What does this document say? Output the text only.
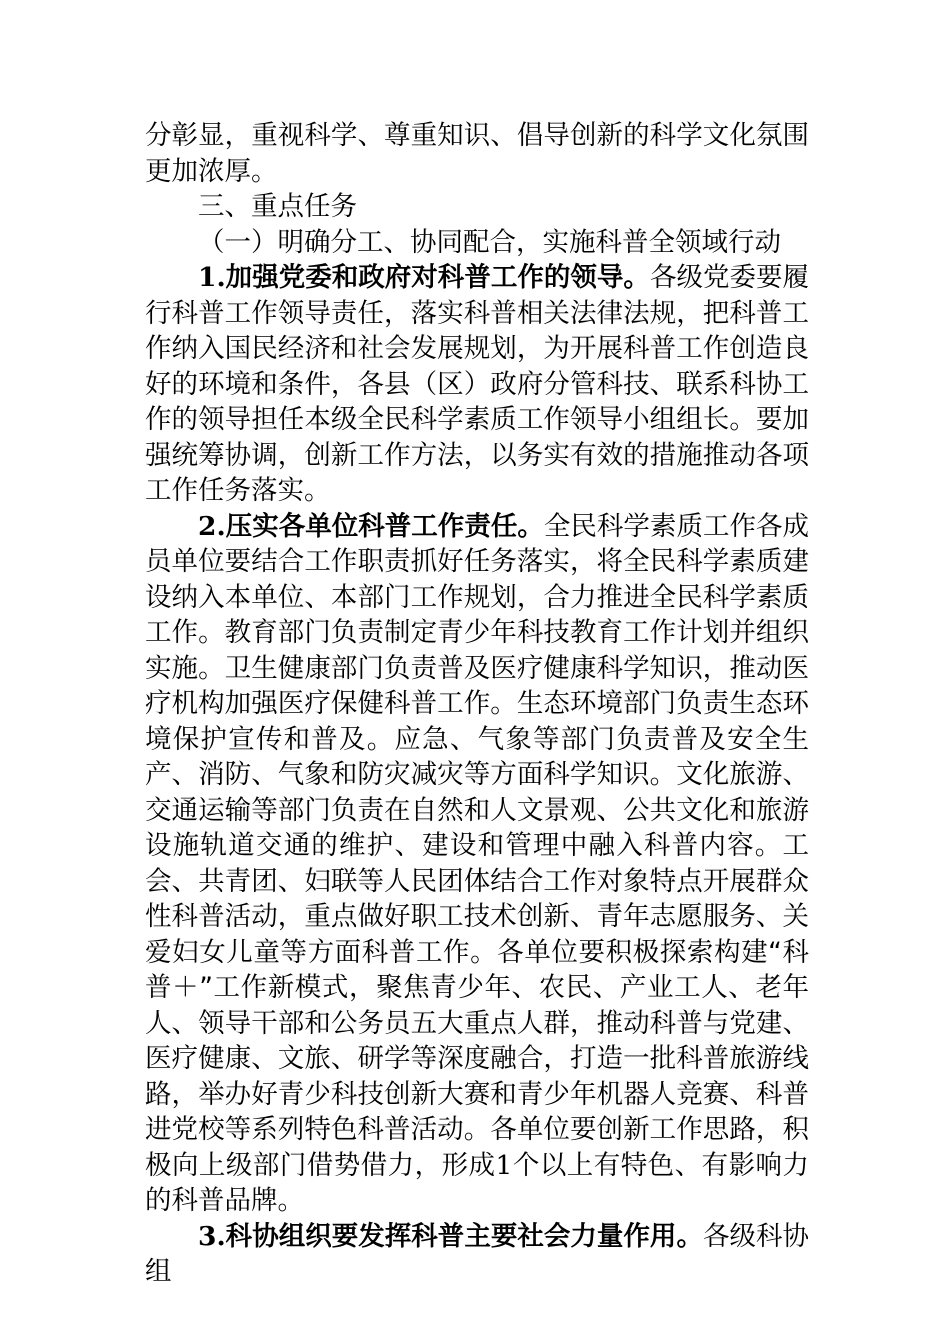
分彰显，重视科学、尊重知识、倡导创新的科学文化氛围更加浓厚。

三、重点任务

（一）明确分工、协同配合，实施科普全领域行动

1.加强党委和政府对科普工作的领导。各级党委要履行科普工作领导责任，落实科普相关法律法规，把科普工作纳入国民经济和社会发展规划，为开展科普工作创造良好的环境和条件，各县（区）政府分管科技、联系科协工作的领导担任本级全民科学素质工作领导小组组长。要加强统筹协调，创新工作方法，以务实有效的措施推动各项工作任务落实。

2.压实各单位科普工作责任。全民科学素质工作各成员单位要结合工作职责抓好任务落实，将全民科学素质建设纳入本单位、本部门工作规划，合力推进全民科学素质工作。教育部门负责制定青少年科技教育工作计划并组织实施。卫生健康部门负责普及医疗健康科学知识，推动医疗机构加强医疗保健科普工作。生态环境部门负责生态环境保护宣传和普及。应急、气象等部门负责普及安全生产、消防、气象和防灾减灾等方面科学知识。文化旅游、交通运输等部门负责在自然和人文景观、公共文化和旅游设施轨道交通的维护、建设和管理中融入科普内容。工会、共青团、妇联等人民团体结合工作对象特点开展群众性科普活动，重点做好职工技术创新、青年志愿服务、关爱妇女儿童等方面科普工作。各单位要积极探索构建“科普＋”工作新模式，聚焦青少年、农民、产业工人、老年人、领导干部和公务员五大重点人群，推动科普与党建、医疗健康、文旅、研学等深度融合，打造一批科普旅游线路，举办好青少科技创新大赛和青少年机器人竞赛、科普进党校等系列特色科普活动。各单位要创新工作思路，积极向上级部门借势借力，形成1个以上有特色、有影响力的科普品牌。

3.科协组织要发挥科普主要社会力量作用。各级科协组
